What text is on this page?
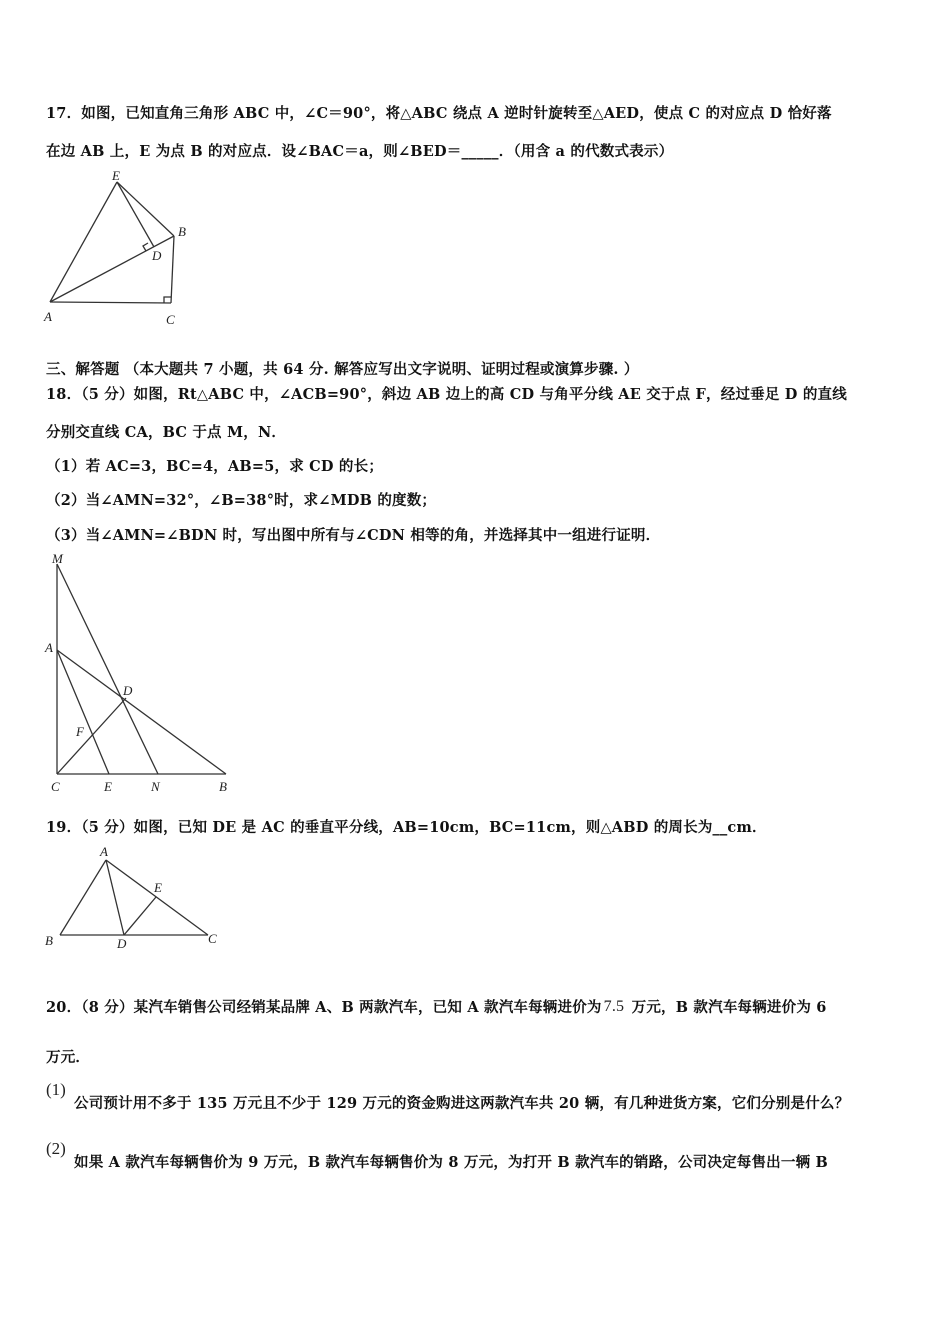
17．如图，已知直角三角形 ABC 中，∠C＝90°，将△ABC 绕点 A 逆时针旋转至△AED，使点 C 的对应点 D 恰好落
在边 AB 上，E 为点 B 的对应点．设∠BAC＝a，则∠BED＝_____．（用含 a 的代数式表示）
E
B
D
A	C
三、解答题 （本大题共 7 小题，共 64 分. 解答应写出文字说明、证明过程或演算步骤. ）
18．（5 分）如图，Rt△ABC 中，∠ACB=90°，斜边 AB 边上的高 CD 与角平分线 AE 交于点 F，经过垂足 D 的直线
分别交直线 CA，BC 于点 M，N．
（1）若 AC=3，BC=4，AB=5，求 CD 的长；
（2）当∠AMN=32°，∠B=38°时，求∠MDB 的度数；
（3）当∠AMN=∠BDN 时，写出图中所有与∠CDN 相等的角，并选择其中一组进行证明．
M
A
D
F
C	E	N	B
19．（5 分）如图，已知 DE 是 AC 的垂直平分线，AB=10cm，BC=11cm，则△ABD 的周长为__cm．
A
E
B	D	C
20．（8 分）某汽车销售公司经销某品牌 A、B 两款汽车，已知 A 款汽车每辆进价为 7.5 万元，B 款汽车每辆进价为 6
万元．
(1)
公司预计用不多于 135 万元且不少于 129 万元的资金购进这两款汽车共 20 辆，有几种进货方案，它们分别是什么？
(2)
如果 A 款汽车每辆售价为 9 万元，B 款汽车每辆售价为 8 万元，为打开 B 款汽车的销路，公司决定每售出一辆 B
